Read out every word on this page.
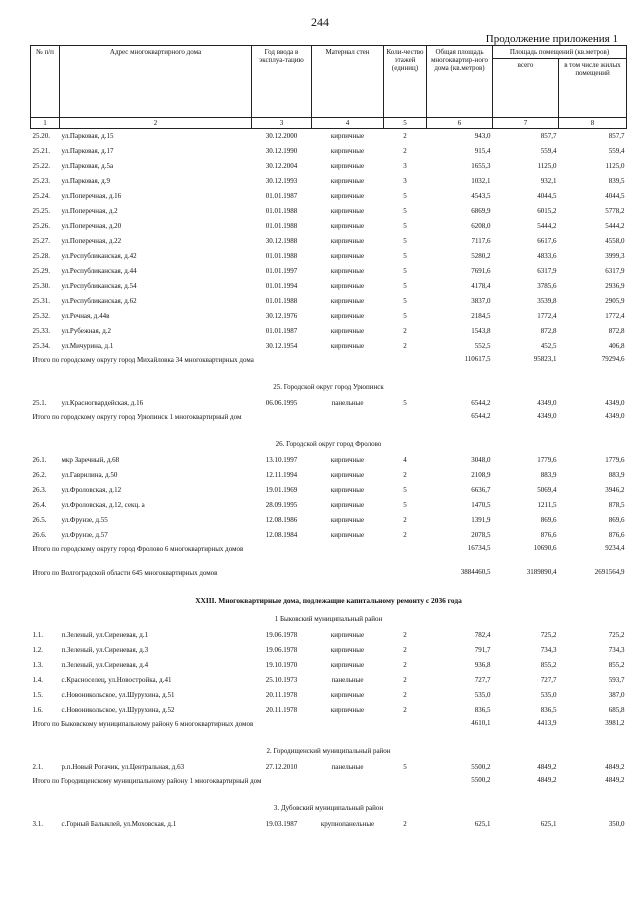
244
Продолжение приложения 1
№ п/п	Адрес многоквартирного дома	Год ввода в эксплуа-тацию	Материал стен	Коли-чество этажей (единиц)	Общая площадь многоквартир-ного дома (кв.метров)	Площадь помещений (кв.метров)	
						всего	в том числе жилых помещений
1	2	3	4	5	6	7	8
25.20.	ул.Парковая, д.15	30.12.2000	кирпичные	2	943,0	857,7	857,7
25.21.	ул.Парковая, д.17	30.12.1990	кирпичные	2	915,4	559,4	559,4
25.22.	ул.Парковая, д.5а	30.12.2004	кирпичные	3	1655,3	1125,0	1125,0
25.23.	ул.Парковая, д.9	30.12.1993	кирпичные	3	1032,1	932,1	839,5
25.24.	ул.Поперечная, д.16	01.01.1987	кирпичные	5	4543,5	4044,5	4044,5
25.25.	ул.Поперечная, д.2	01.01.1988	кирпичные	5	6869,9	6015,2	5778,2
25.26.	ул.Поперечная, д.20	01.01.1988	кирпичные	5	6208,0	5444,2	5444,2
25.27.	ул.Поперечная, д.22	30.12.1988	кирпичные	5	7117,6	6617,6	4558,0
25.28.	ул.Республиканская, д.42	01.01.1988	кирпичные	5	5280,2	4833,6	3999,3
25.29.	ул.Республиканская, д.44	01.01.1997	кирпичные	5	7691,6	6317,9	6317,9
25.30.	ул.Республиканская, д.54	01.01.1994	кирпичные	5	4178,4	3785,6	2936,9
25.31.	ул.Республиканская, д.62	01.01.1988	кирпичные	5	3837,0	3539,8	2905,9
25.32.	ул.Речная, д.44в	30.12.1976	кирпичные	5	2184,5	1772,4	1772,4
25.33.	ул.Рубежная, д.2	01.01.1987	кирпичные	2	1543,8	872,8	872,8
25.34.	ул.Мичурина, д.1	30.12.1954	кирпичные	2	552,5	452,5	406,8
Итого по городскому округу город Михайловка 34 многоквартирных дома					110617,5	95823,1	79294,6
25. Городской округ город Урюпинск							
25.1.	ул.Красногвардейская, д.16	06.06.1995	панельные	5	6544,2	4349,0	4349,0
Итого по городскому округу город Урюпинск 1 многоквартирный дом					6544,2	4349,0	4349,0
26. Городской округ город Фролово							
26.1.	мкр Заречный, д.68	13.10.1997	кирпичные	4	3048,0	1779,6	1779,6
26.2.	ул.Гаврилина, д.50	12.11.1994	кирпичные	2	2108,9	883,9	883,9
26.3.	ул.Фроловская, д.12	19.01.1969	кирпичные	5	6636,7	5069,4	3946,2
26.4.	ул.Фроловская, д.12, секц. а	28.09.1995	кирпичные	5	1470,5	1211,5	878,5
26.5.	ул.Фрунзе, д.55	12.08.1986	кирпичные	2	1391,9	869,6	869,6
26.6.	ул.Фрунзе, д.57	12.08.1984	кирпичные	2	2078,5	876,6	876,6
Итого по городскому округу город Фролово 6 многоквартирных домов					16734,5	10690,6	9234,4
Итого по Волгоградской области 645 многоквартирных домов					3884460,5	3189890,4	2691564,9
XXIII. Многоквартирные дома, подлежащие капитальному ремонту с 2036 года							
1 Быковский муниципальный район							
1.1.	п.Зеленый, ул.Сиреневая, д.1	19.06.1978	кирпичные	2	782,4	725,2	725,2
1.2.	п.Зеленый, ул.Сиреневая, д.3	19.06.1978	кирпичные	2	791,7	734,3	734,3
1.3.	п.Зеленый, ул.Сиреневая, д.4	19.10.1970	кирпичные	2	936,8	855,2	855,2
1.4.	с.Красноселец, ул.Новостройка, д.41	25.10.1973	панельные	2	727,7	727,7	593,7
1.5.	с.Новоникольское, ул.Шурухина, д.51	20.11.1978	кирпичные	2	535,0	535,0	387,0
1.6.	с.Новоникольское, ул.Шурухина, д.52	20.11.1978	кирпичные	2	836,5	836,5	685,8
Итого по Быковскому муниципальному району 6 многоквартирных домов					4610,1	4413,9	3981,2
2. Городищенский муниципальный район							
2.1.	р.п.Новый Рогачик, ул.Центральная, д.63	27.12.2010	панельные	5	5500,2	4849,2	4849,2
Итого по Городищенскому муниципальному району 1 многоквартирный дом					5500,2	4849,2	4849,2
3. Дубовский муниципальный район							
3.1.	с.Горный Балыклей, ул.Моховская, д.1	19.03.1987	крупнопанельные	2	625,1	625,1	350,0
